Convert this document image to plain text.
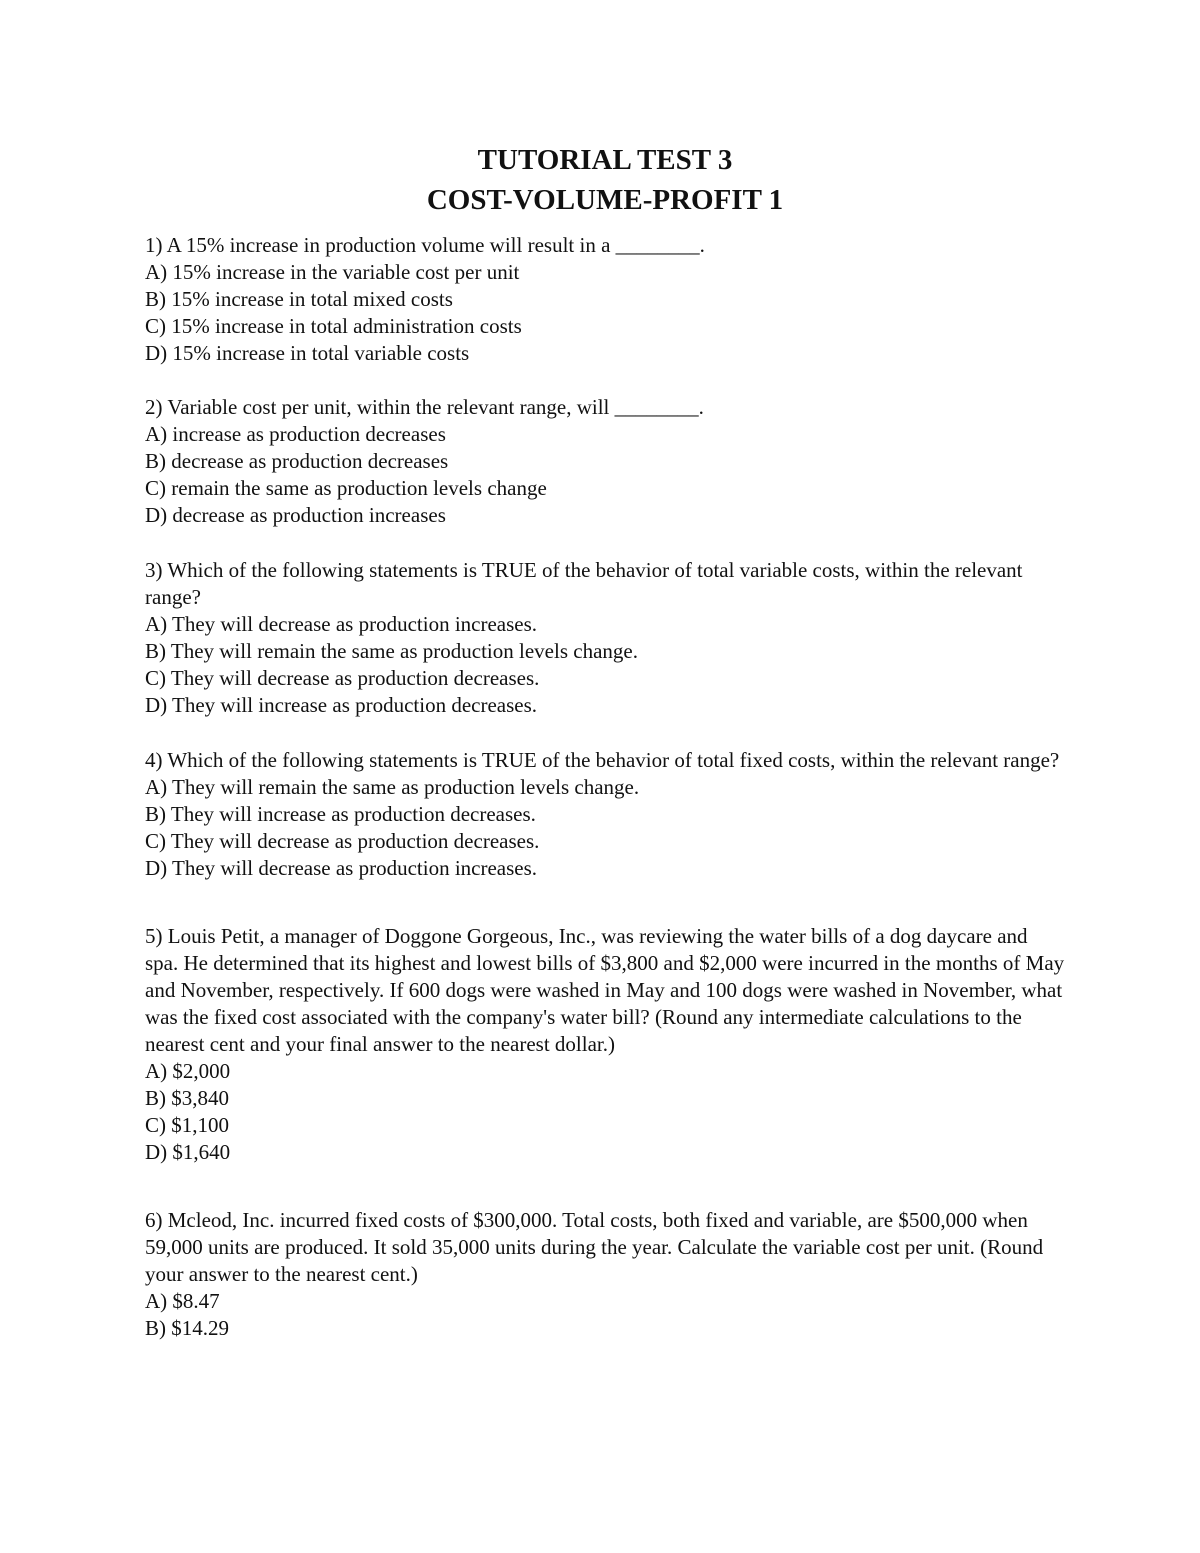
TUTORIAL TEST 3
COST-VOLUME-PROFIT 1

1) A 15% increase in production volume will result in a ________.

A) 15% increase in the variable cost per unit
B) 15% increase in total mixed costs
C) 15% increase in total administration costs
D) 15% increase in total variable costs

2) Variable cost per unit, within the relevant range, will ________.

A) increase as production decreases
B) decrease as production decreases
C) remain the same as production levels change
D) decrease as production increases

3) Which of the following statements is TRUE of the behavior of total variable costs, within the relevant range?

A) They will decrease as production increases.
B) They will remain the same as production levels change.
C) They will decrease as production decreases.
D) They will increase as production decreases.

4) Which of the following statements is TRUE of the behavior of total fixed costs, within the relevant range?

A) They will remain the same as production levels change.
B) They will increase as production decreases.
C) They will decrease as production decreases.
D) They will decrease as production increases.

5) Louis Petit, a manager of Doggone Gorgeous, Inc., was reviewing the water bills of a dog daycare and spa. He determined that its highest and lowest bills of $3,800 and $2,000 were incurred in the months of May and November, respectively. If 600 dogs were washed in May and 100 dogs were washed in November, what was the fixed cost associated with the company's water bill? (Round any intermediate calculations to the nearest cent and your final answer to the nearest dollar.)

A) $2,000
B) $3,840
C) $1,100
D) $1,640

6) Mcleod, Inc. incurred fixed costs of $300,000. Total costs, both fixed and variable, are $500,000 when 59,000 units are produced. It sold 35,000 units during the year. Calculate the variable cost per unit. (Round your answer to the nearest cent.)

A) $8.47
B) $14.29
